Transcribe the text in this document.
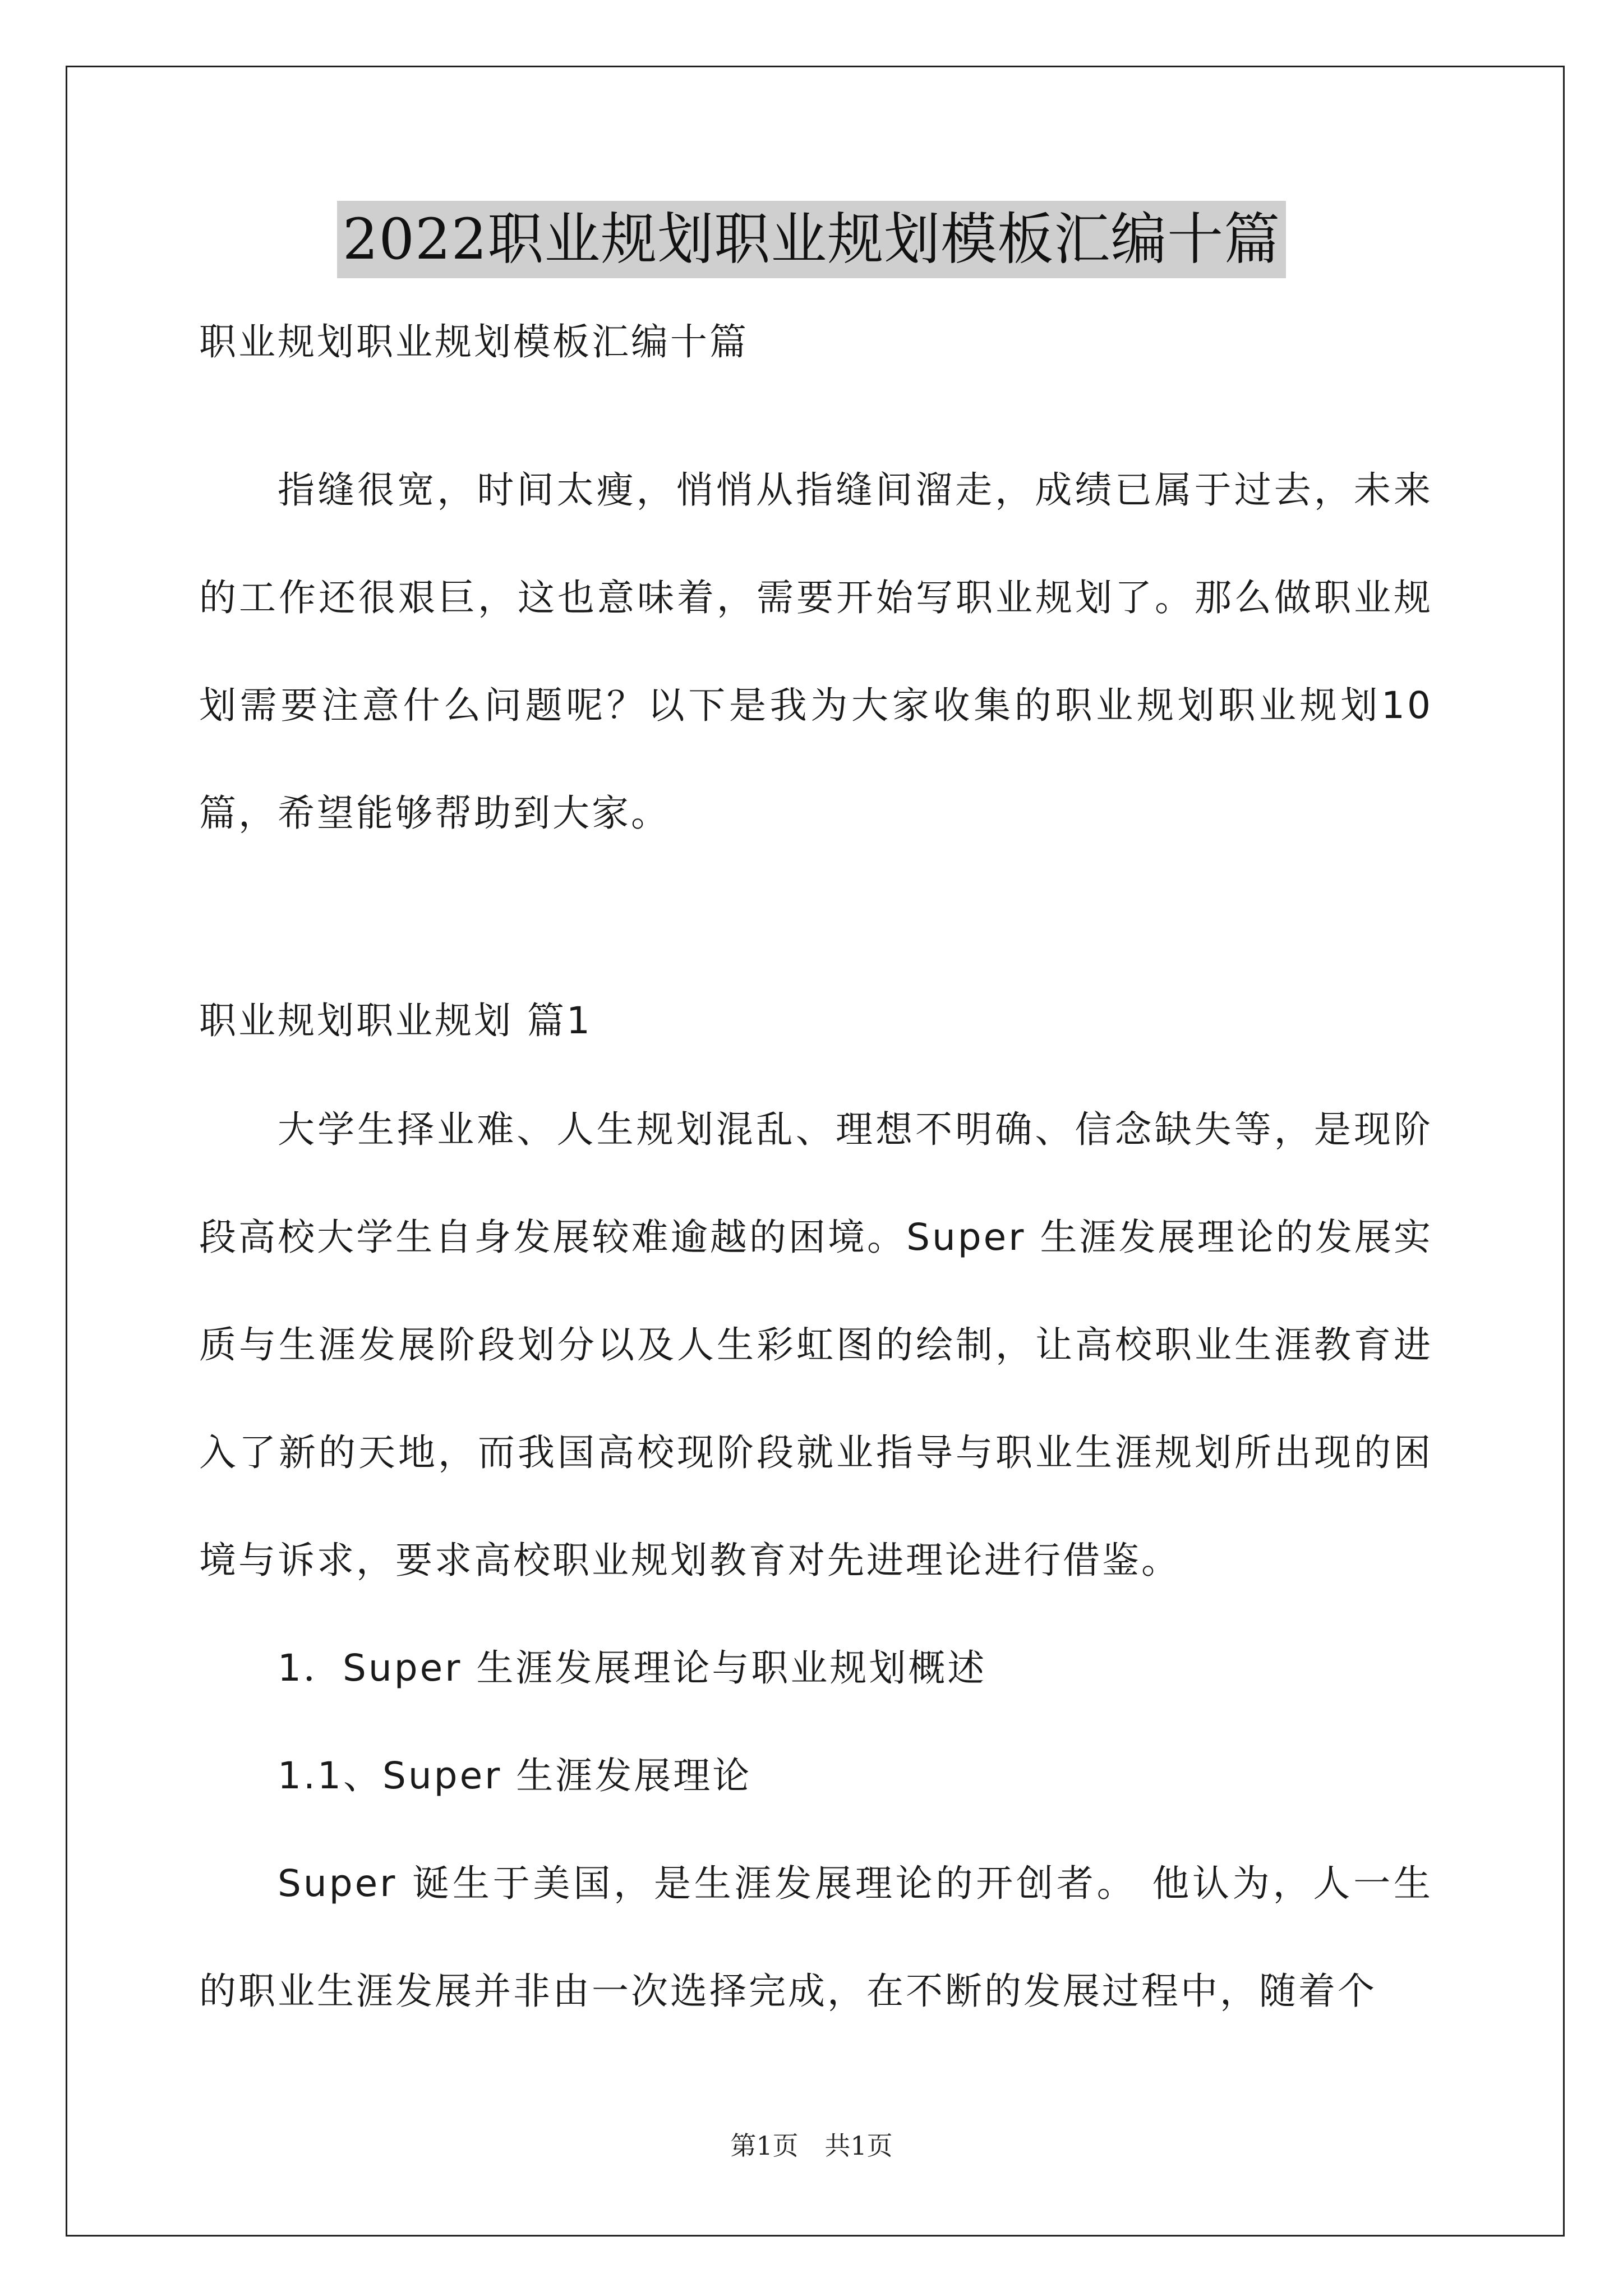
2022职业规划职业规划模板汇编十篇
职业规划职业规划模板汇编十篇

指缝很宽，时间太瘦，悄悄从指缝间溜走，成绩已属于过去，未来的工作还很艰巨，这也意味着，需要开始写职业规划了。那么做职业规划需要注意什么问题呢？以下是我为大家收集的职业规划职业规划10篇，希望能够帮助到大家。

职业规划职业规划 篇1

大学生择业难、人生规划混乱、理想不明确、信念缺失等，是现阶段高校大学生自身发展较难逾越的困境。Super 生涯发展理论的发展实质与生涯发展阶段划分以及人生彩虹图的绘制，让高校职业生涯教育进入了新的天地，而我国高校现阶段就业指导与职业生涯规划所出现的困境与诉求，要求高校职业规划教育对先进理论进行借鉴。

1．Super 生涯发展理论与职业规划概述

1.1、Super 生涯发展理论

Super 诞生于美国，是生涯发展理论的开创者。 他认为，人一生的职业生涯发展并非由一次选择完成，在不断的发展过程中，随着个

第1页 共1页
